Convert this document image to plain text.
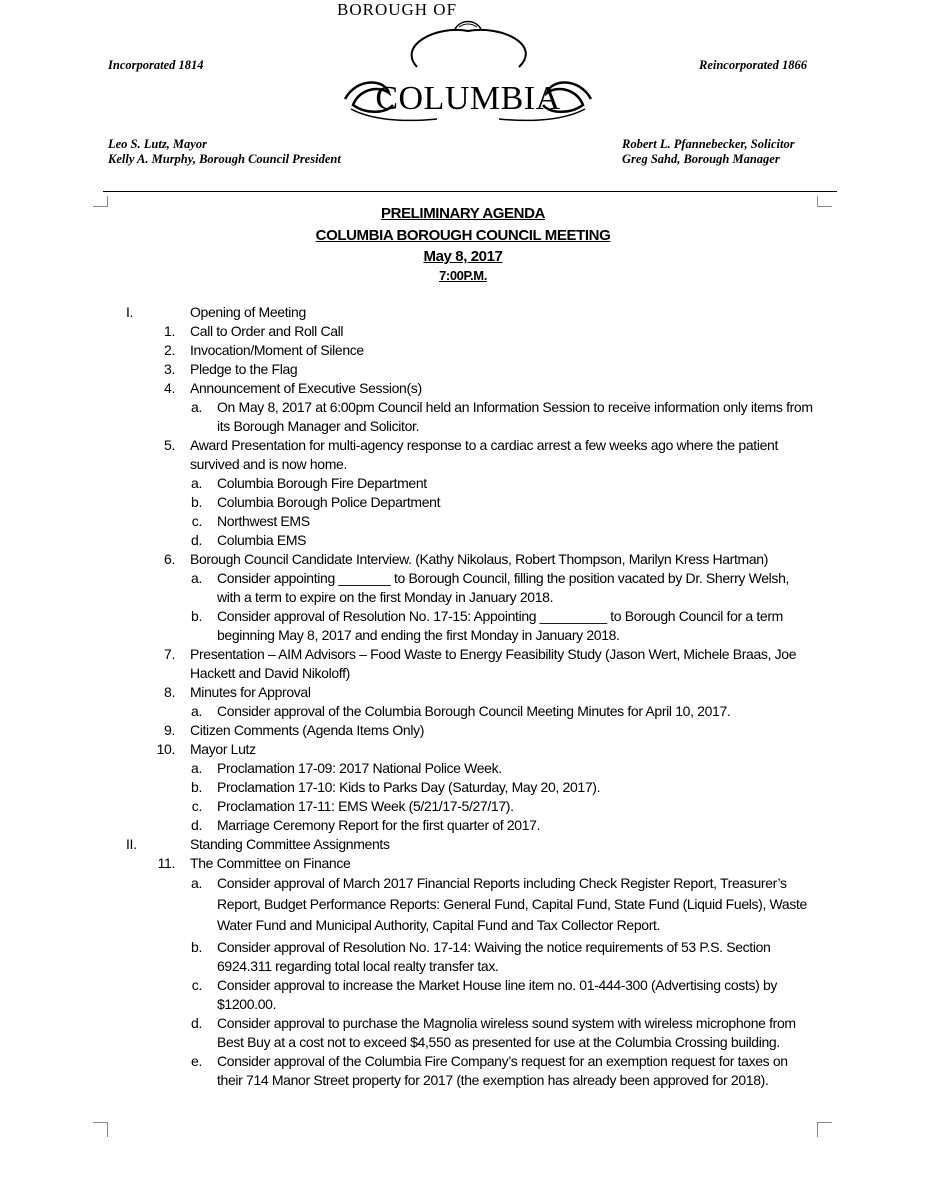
Incorporated 1814	Reincorporated 1866
BOROUGH OF
COLUMBIA
Leo S. Lutz, Mayor
Kelly A. Murphy, Borough Council President
Robert L. Pfannebecker, Solicitor
Greg Sahd, Borough Manager
PRELIMINARY AGENDA
COLUMBIA BOROUGH COUNCIL MEETING
May 8, 2017
7:00P.M.
I.	Opening of Meeting
1. Call to Order and Roll Call
2. Invocation/Moment of Silence
3. Pledge to the Flag
4. Announcement of Executive Session(s)
a. On May 8, 2017 at 6:00pm Council held an Information Session to receive information only items from its Borough Manager and Solicitor.
5. Award Presentation for multi-agency response to a cardiac arrest a few weeks ago where the patient survived and is now home.
a. Columbia Borough Fire Department
b. Columbia Borough Police Department
c. Northwest EMS
d. Columbia EMS
6. Borough Council Candidate Interview. (Kathy Nikolaus, Robert Thompson, Marilyn Kress Hartman)
a. Consider appointing _______ to Borough Council, filling the position vacated by Dr. Sherry Welsh, with a term to expire on the first Monday in January 2018.
b. Consider approval of Resolution No. 17-15: Appointing _________ to Borough Council for a term beginning May 8, 2017 and ending the first Monday in January 2018.
7. Presentation – AIM Advisors – Food Waste to Energy Feasibility Study (Jason Wert, Michele Braas, Joe Hackett and David Nikoloff)
8. Minutes for Approval
a. Consider approval of the Columbia Borough Council Meeting Minutes for April 10, 2017.
9. Citizen Comments (Agenda Items Only)
10. Mayor Lutz
a. Proclamation 17-09: 2017 National Police Week.
b. Proclamation 17-10: Kids to Parks Day (Saturday, May 20, 2017).
c. Proclamation 17-11: EMS Week (5/21/17-5/27/17).
d. Marriage Ceremony Report for the first quarter of 2017.
II.	Standing Committee Assignments
11. The Committee on Finance
a. Consider approval of March 2017 Financial Reports including Check Register Report, Treasurer’s Report, Budget Performance Reports: General Fund, Capital Fund, State Fund (Liquid Fuels), Waste Water Fund and Municipal Authority, Capital Fund and Tax Collector Report.
b. Consider approval of Resolution No. 17-14: Waiving the notice requirements of 53 P.S. Section 6924.311 regarding total local realty transfer tax.
c. Consider approval to increase the Market House line item no. 01-444-300 (Advertising costs) by $1200.00.
d. Consider approval to purchase the Magnolia wireless sound system with wireless microphone from Best Buy at a cost not to exceed $4,550 as presented for use at the Columbia Crossing building.
e. Consider approval of the Columbia Fire Company’s request for an exemption request for taxes on their 714 Manor Street property for 2017 (the exemption has already been approved for 2018).
